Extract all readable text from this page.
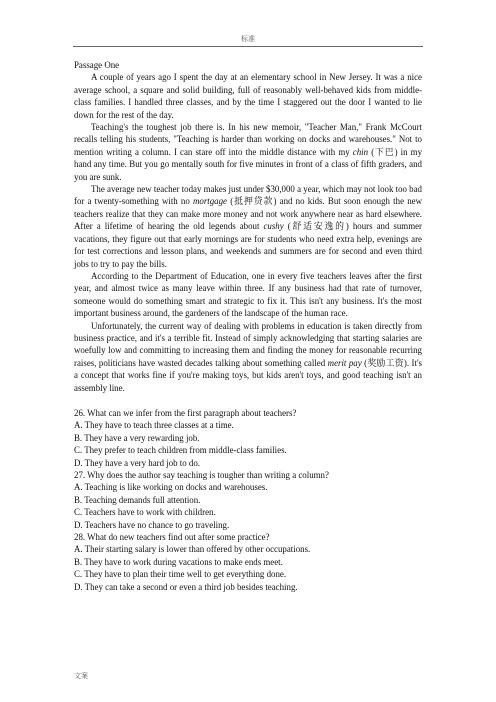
标准

Passage One

A couple of years ago I spent the day at an elementary school in New Jersey. It was a nice average school, a square and solid building, full of reasonably well-behaved kids from middle-class families. I handled three classes, and by the time I staggered out the door I wanted to lie down for the rest of the day.

Teaching's the toughest job there is. In his new memoir, "Teacher Man," Frank McCourt recalls telling his students, "Teaching is harder than working on docks and warehouses." Not to mention writing a column. I can stare off into the middle distance with my chin (下巴) in my hand any time. But you go mentally south for five minutes in front of a class of fifth graders, and you are sunk.

The average new teacher today makes just under $30,000 a year, which may not look too bad for a twenty-something with no mortgage (抵押贷款) and no kids. But soon enough the new teachers realize that they can make more money and not work anywhere near as hard elsewhere. After a lifetime of hearing the old legends about cushy (舒适安逸的) hours and summer vacations, they figure out that early mornings are for students who need extra help, evenings are for test corrections and lesson plans, and weekends and summers are for second and even third jobs to try to pay the bills.

According to the Department of Education, one in every five teachers leaves after the first year, and almost twice as many leave within three. If any business had that rate of turnover, someone would do something smart and strategic to fix it. This isn't any business. It's the most important business around, the gardeners of the landscape of the human race.

Unfortunately, the current way of dealing with problems in education is taken directly from business practice, and it's a terrible fit. Instead of simply acknowledging that starting salaries are woefully low and committing to increasing them and finding the money for reasonable recurring raises, politicians have wasted decades talking about something called merit pay (奖励工资). It's a concept that works fine if you're making toys, but kids aren't toys, and good teaching isn't an assembly line.

26. What can we infer from the first paragraph about teachers?

A. They have to teach three classes at a time.

B. They have a very rewarding job.

C. They prefer to teach children from middle-class families.

D. They have a very hard job to do.

27. Why does the author say teaching is tougher than writing a column?

A. Teaching is like working on docks and warehouses.

B. Teaching demands full attention.

C. Teachers have to work with children.

D. Teachers have no chance to go traveling.

28. What do new teachers find out after some practice?

A. Their starting salary is lower than offered by other occupations.

B. They have to work during vacations to make ends meet.

C. They have to plan their time well to get everything done.

D. They can take a second or even a third job besides teaching.

文案
